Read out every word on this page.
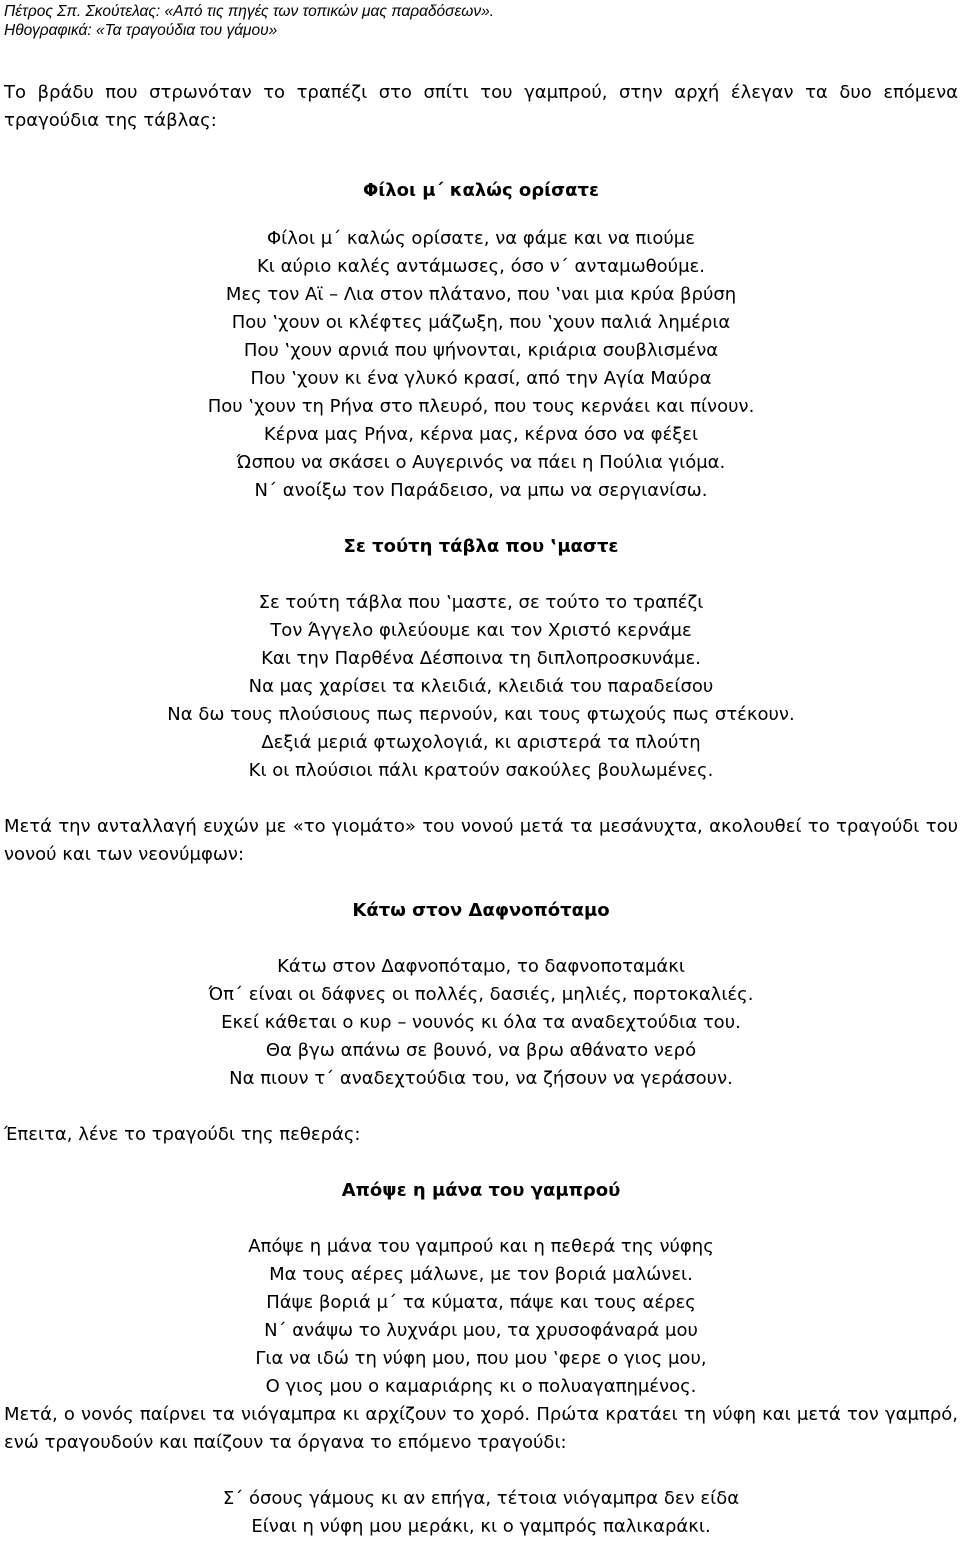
Πέτρος Σπ. Σκούτελας: «Από τις πηγές των τοπικών μας παραδόσεων».
Ηθογραφικά: «Τα τραγούδια του γάμου»

Το βράδυ που στρωνόταν το τραπέζι στο σπίτι του γαμπρού, στην αρχή έλεγαν τα δυο επόμενα τραγούδια της τάβλας:

Φίλοι μ΄ καλώς ορίσατε

Φίλοι μ΄ καλώς ορίσατε, να φάμε και να πιούμε
Κι αύριο καλές αντάμωσες, όσο ν΄ ανταμωθούμε.
Μες τον Αϊ – Λια στον πλάτανο, που ‛ναι μια κρύα βρύση
Που ‛χουν οι κλέφτες μάζωξη, που ‛χουν παλιά λημέρια
Που ‛χουν αρνιά που ψήνονται, κριάρια σουβλισμένα
Που ‛χουν κι ένα γλυκό κρασί, από την Αγία Μαύρα
Που ‛χουν τη Ρήνα στο πλευρό, που τους κερνάει και πίνουν.
Κέρνα μας Ρήνα, κέρνα μας, κέρνα όσο να φέξει
Ώσπου να σκάσει ο Αυγερινός να πάει η Πούλια γιόμα.
Ν΄ ανοίξω τον Παράδεισο, να μπω να σεργιανίσω.

Σε τούτη τάβλα που ‛μαστε

Σε τούτη τάβλα που ‛μαστε, σε τούτο το τραπέζι
Τον Άγγελο φιλεύουμε και τον Χριστό κερνάμε
Και την Παρθένα Δέσποινα τη διπλοπροσκυνάμε.
Να μας χαρίσει τα κλειδιά, κλειδιά του παραδείσου
Να δω τους πλούσιους πως περνούν, και τους φτωχούς πως στέκουν.
Δεξιά μεριά φτωχολογιά, κι αριστερά τα πλούτη
Κι οι πλούσιοι πάλι κρατούν σακούλες βουλωμένες.

Μετά την ανταλλαγή ευχών με «το γιομάτο» του νονού μετά τα μεσάνυχτα, ακολουθεί το τραγούδι του νονού και των νεονύμφων:

Κάτω στον Δαφνοπόταμο

Κάτω στον Δαφνοπόταμο, το δαφνοποταμάκι
Όπ΄ είναι οι δάφνες οι πολλές, δασιές, μηλιές, πορτοκαλιές.
Εκεί κάθεται ο κυρ – νουνός κι όλα τα αναδεχτούδια του.
Θα βγω απάνω σε βουνό, να βρω αθάνατο νερό
Να πιουν τ΄ αναδεχτούδια του, να ζήσουν να γεράσουν.

Έπειτα, λένε το τραγούδι της πεθεράς:

Απόψε η μάνα του γαμπρού

Απόψε η μάνα του γαμπρού και η πεθερά της νύφης
Μα τους αέρες μάλωνε, με τον βοριά μαλώνει.
Πάψε βοριά μ΄ τα κύματα, πάψε και τους αέρες
Ν΄ ανάψω το λυχνάρι μου, τα χρυσοφάναρά μου
Για να ιδώ τη νύφη μου, που μου ‛φερε ο γιος μου,
Ο γιος μου ο καμαριάρης κι ο πολυαγαπημένος.

Μετά, ο νονός παίρνει τα νιόγαμπρα κι αρχίζουν το χορό. Πρώτα κρατάει τη νύφη και μετά τον γαμπρό, ενώ τραγουδούν και παίζουν τα όργανα το επόμενο τραγούδι:

Σ΄ όσους γάμους κι αν επήγα, τέτοια νιόγαμπρα δεν είδα
Είναι η νύφη μου μεράκι, κι ο γαμπρός παλικαράκι.
